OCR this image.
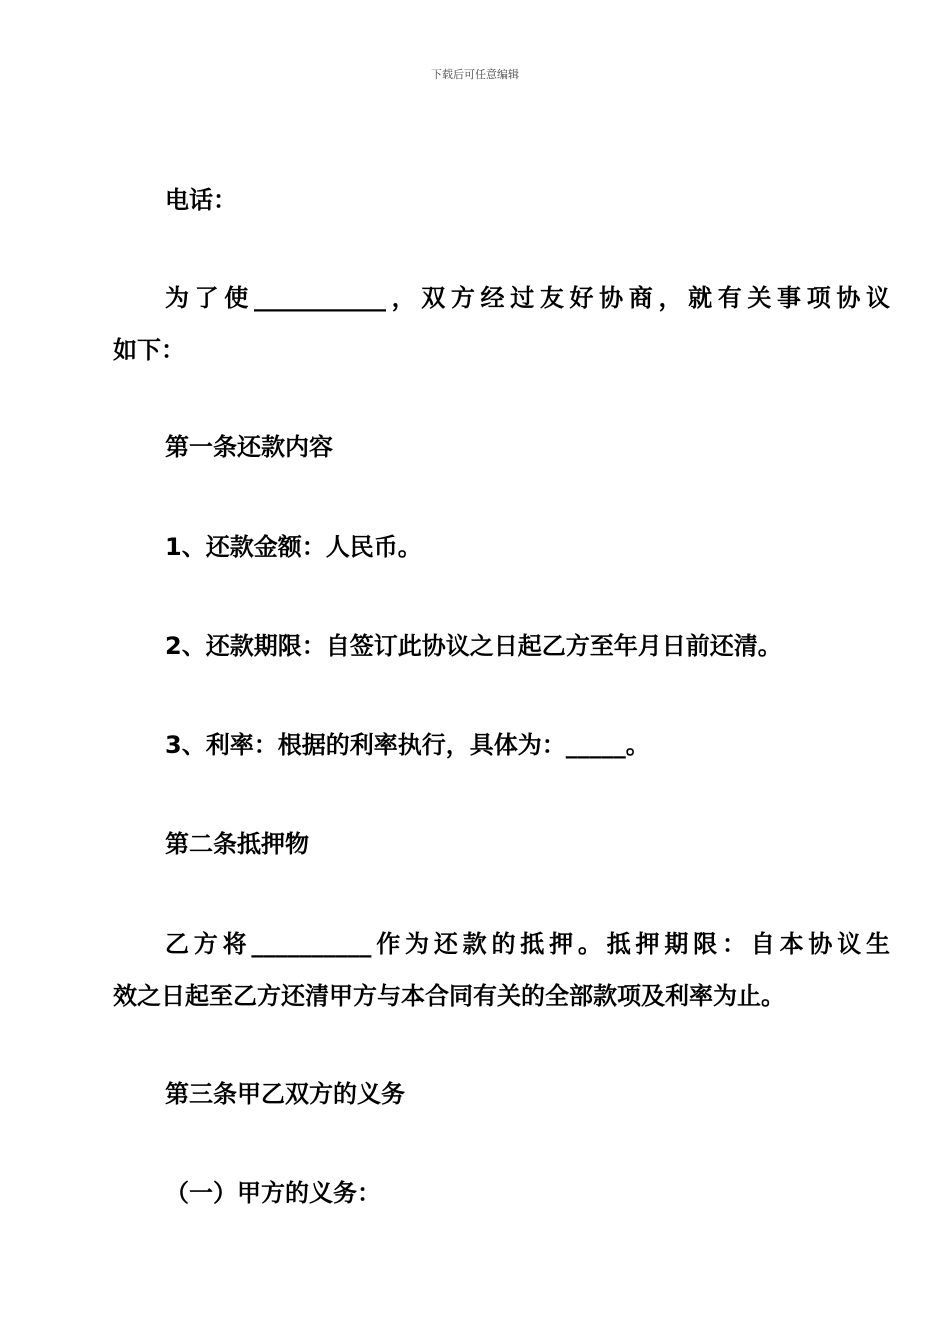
下载后可任意编辑
电话：
为了使___________，双方经过友好协商，就有关事项协议
如下：
第一条还款内容
1、还款金额：人民币。
2、还款期限：自签订此协议之日起乙方至年月日前还清。
3、利率：根据的利率执行，具体为：_____。
第二条抵押物
乙方将__________作为还款的抵押。抵押期限：自本协议生
效之日起至乙方还清甲方与本合同有关的全部款项及利率为止。
第三条甲乙双方的义务
（一）甲方的义务：
